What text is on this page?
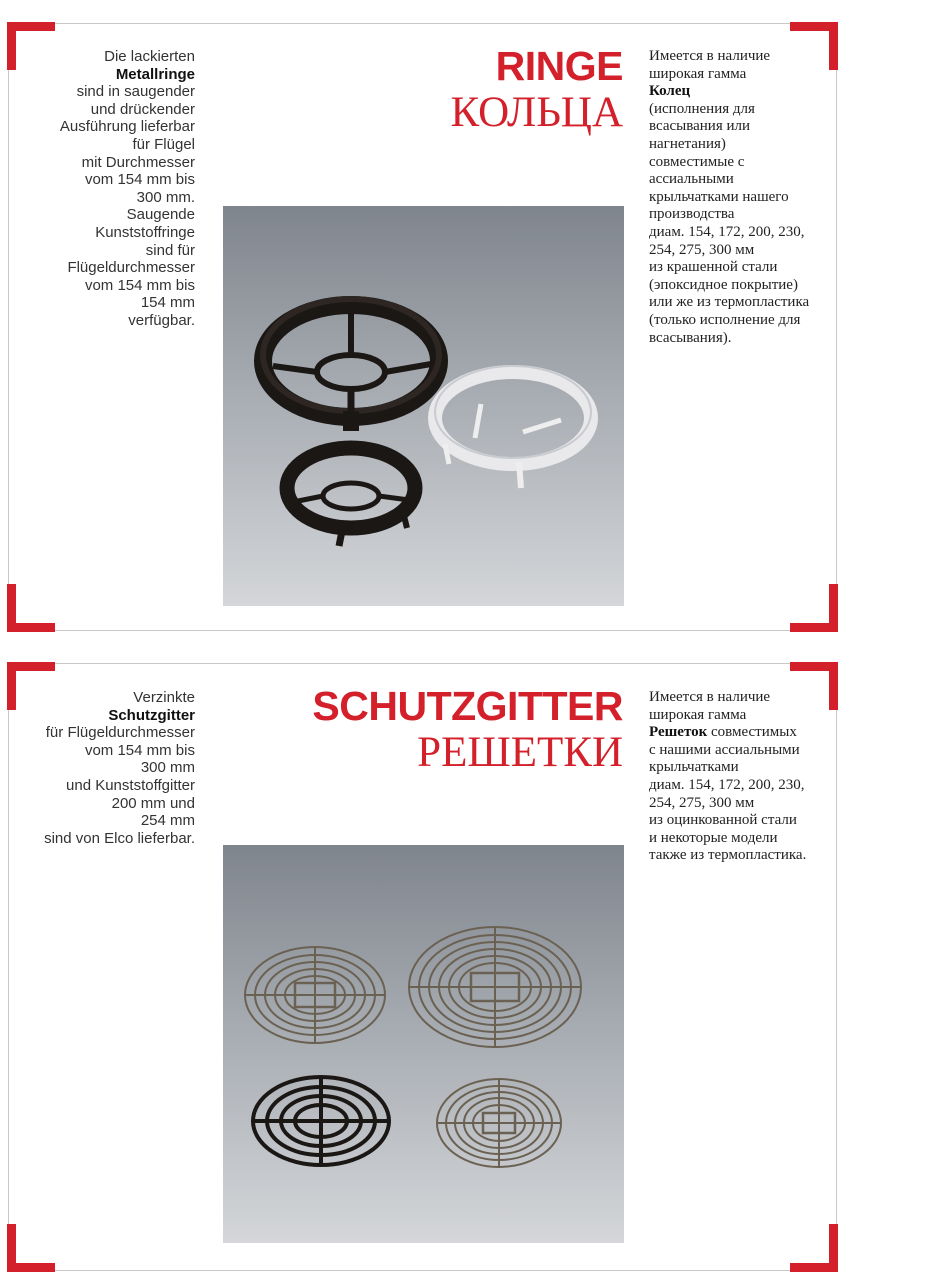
Die lackierten
Metallringe
sind in saugender
und drückender
Ausführung lieferbar
für Flügel
mit Durchmesser
vom 154 mm bis
300 mm.
Saugende
Kunststoffringe
sind für
Flügeldurchmesser
vom 154 mm bis
154 mm
verfügbar.
RINGE
КОЛЬЦА
Имеется в наличие
широкая гамма
Колец
(исполнения для
всасывания или
нагнетания)
совместимые с
ассиальными
крыльчатками нашего
производства
диам. 154, 172, 200, 230,
254, 275, 300 мм
из крашенной стали
(эпоксидное покрытие)
или же из термопластика
(только исполнение для
всасывания).
Verzinkte
Schutzgitter
für Flügeldurchmesser
vom 154 mm bis
300 mm
und Kunststoffgitter
200 mm und
254 mm
sind von Elco lieferbar.
SCHUTZGITTER
РЕШЕТКИ
Имеется в наличие
широкая гамма
Решеток совместимых
с нашими ассиальными
крыльчатками
диам. 154, 172, 200, 230,
254, 275, 300 мм
из оцинкованной стали
и некоторые модели
также из термопластика.
